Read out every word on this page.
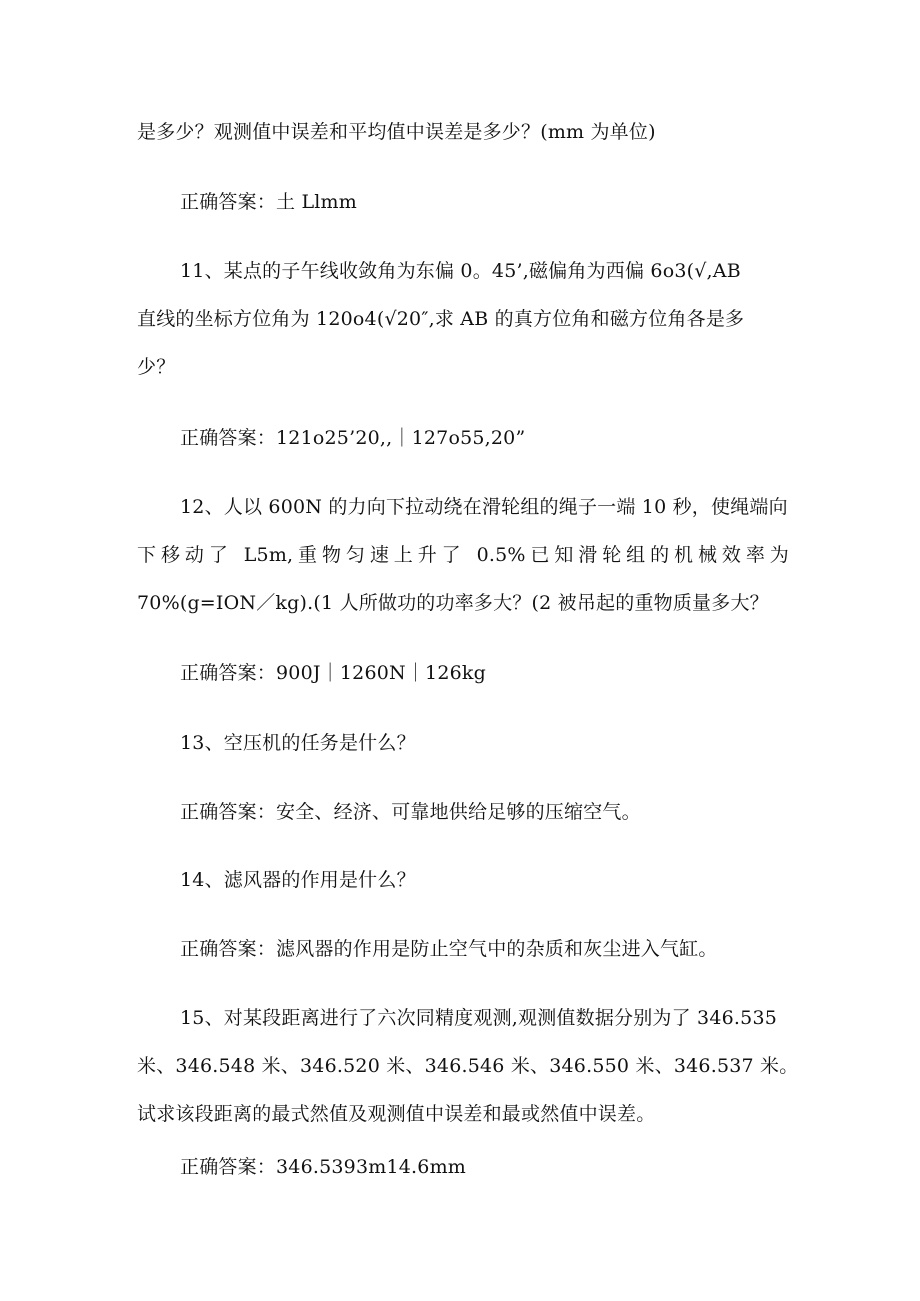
是多少？观测值中误差和平均值中误差是多少？(mm 为单位)
正确答案：土 Llmm
11、某点的子午线收敛角为东偏 0。45’,磁偏角为西偏 6o3(√,AB
直线的坐标方位角为 120o4(√20″,求 AB 的真方位角和磁方位角各是多
少？
正确答案：121o25’20,,｜127o55,20”
12、人以 600N 的力向下拉动绕在滑轮组的绳子一端 10 秒，使绳端向
下移动了 L5m,重物匀速上升了 0.5%已知滑轮组的机械效率为
70%(g=ION／kg).(1 人所做功的功率多大？(2 被吊起的重物质量多大？
正确答案：900J｜1260N｜126kg
13、空压机的任务是什么？
正确答案：安全、经济、可靠地供给足够的压缩空气。
14、滤风器的作用是什么？
正确答案：滤风器的作用是防止空气中的杂质和灰尘进入气缸。
15、对某段距离进行了六次同精度观测,观测值数据分别为了 346.535
米、346.548 米、346.520 米、346.546 米、346.550 米、346.537 米。
试求该段距离的最式然值及观测值中误差和最或然值中误差。
正确答案：346.5393m14.6mm
